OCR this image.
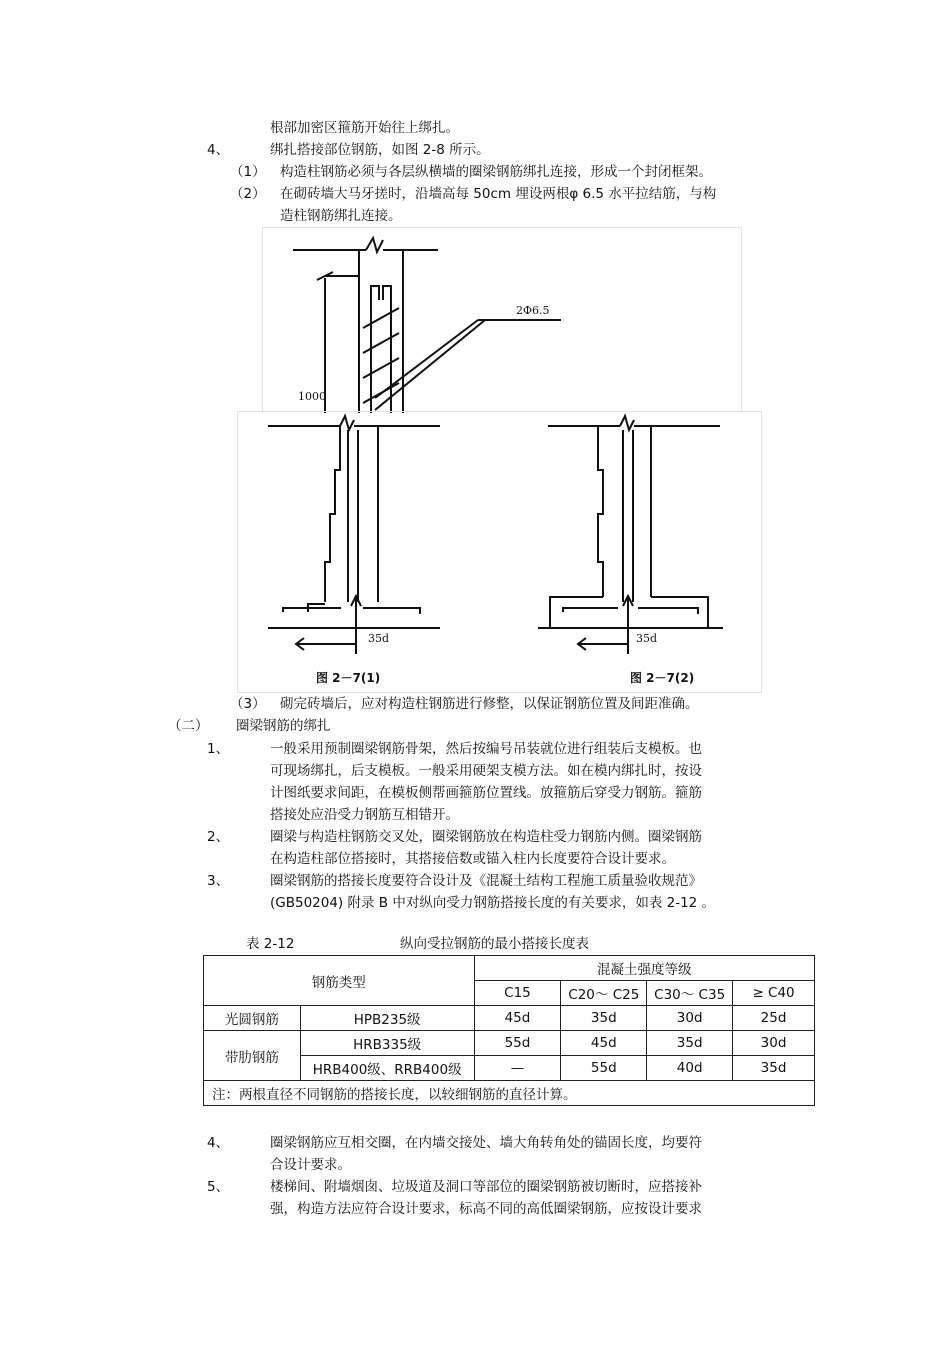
根部加密区箍筋开始往上绑扎。
4、	绑扎搭接部位钢筋，如图 2-8 所示。
（1） 构造柱钢筋必须与各层纵横墙的圈梁钢筋绑扎连接，形成一个封闭框架。
（2） 在砌砖墙大马牙搓时，沿墙高每 50cm 埋设两根φ 6.5 水平拉结筋，与构
造柱钢筋绑扎连接。
2Φ6.5
1000
35d	35d
图 2－7(1)	图 2－7(2)
（3） 砌完砖墙后，应对构造柱钢筋进行修整，以保证钢筋位置及间距准确。
（二） 圈梁钢筋的绑扎
1、	一般采用预制圈梁钢筋骨架，然后按编号吊装就位进行组装后支模板。也
可现场绑扎，后支模板。一般采用硬架支模方法。如在模内绑扎时，按设
计图纸要求间距，在模板侧帮画箍筋位置线。放箍筋后穿受力钢筋。箍筋
搭接处应沿受力钢筋互相错开。
2、	圈梁与构造柱钢筋交叉处，圈梁钢筋放在构造柱受力钢筋内侧。圈梁钢筋
在构造柱部位搭接时，其搭接倍数或锚入柱内长度要符合设计要求。
3、	圈梁钢筋的搭接长度要符合设计及《混凝土结构工程施工质量验收规范》
(GB50204) 附录 B 中对纵向受力钢筋搭接长度的有关要求，如表 2-12 。
表 2-12	纵向受拉钢筋的最小搭接长度表
钢筋类型		混凝土强度等级			
		C15	C20～ C25	C30～ C35	≥ C40
光圆钢筋	HPB235级	45d	35d	30d	25d
带肋钢筋	HRB335级	55d	45d	35d	30d
	HRB400级、RRB400级	—	55d	40d	35d
注：两根直径不同钢筋的搭接长度，以较细钢筋的直径计算。					
4、	圈梁钢筋应互相交圈，在内墙交接处、墙大角转角处的锚固长度，均要符
合设计要求。
5、	楼梯间、附墙烟囱、垃圾道及洞口等部位的圈梁钢筋被切断时，应搭接补
强，构造方法应符合设计要求，标高不同的高低圈梁钢筋，应按设计要求
